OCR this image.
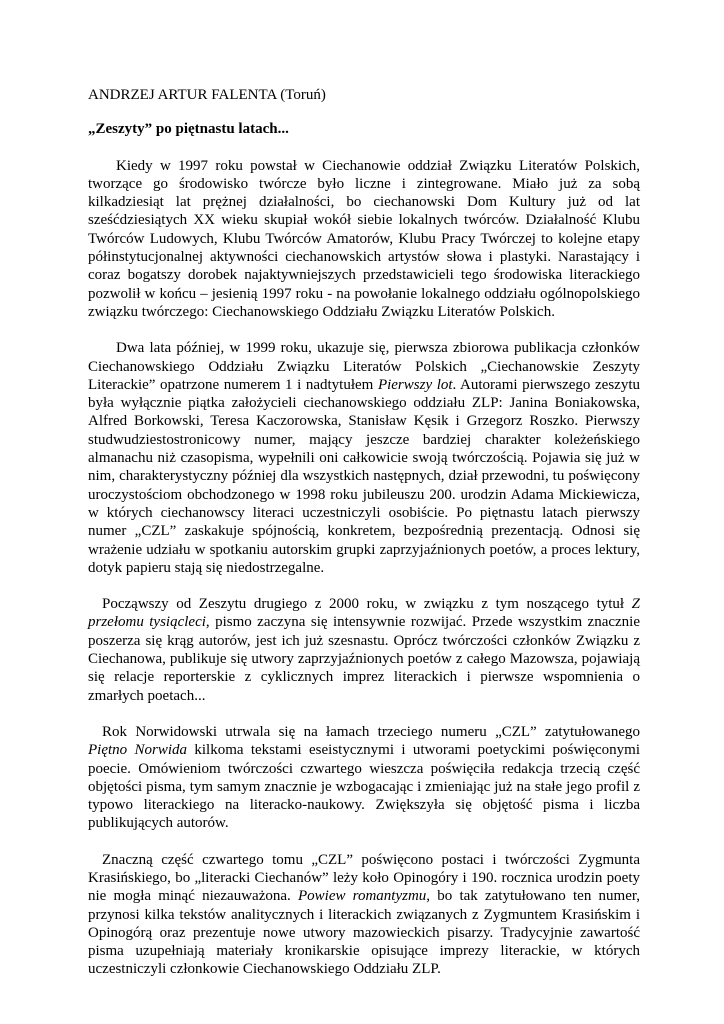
ANDRZEJ ARTUR FALENTA (Toruń)
„Zeszyty” po piętnastu latach...

Kiedy w 1997 roku powstał w Ciechanowie oddział Związku Literatów Polskich, tworzące go środowisko twórcze było liczne i zintegrowane. Miało już za sobą kilkadziesiąt lat prężnej działalności, bo ciechanowski Dom Kultury już od lat sześćdziesiątych XX wieku skupiał wokół siebie lokalnych twórców. Działalność Klubu Twórców Ludowych, Klubu Twórców Amatorów, Klubu Pracy Twórczej to kolejne etapy półinstytucjonalnej aktywności ciechanowskich artystów słowa i plastyki. Narastający i coraz bogatszy dorobek najaktywniejszych przedstawicieli tego środowiska literackiego pozwolił w końcu – jesienią 1997 roku - na powołanie lokalnego oddziału ogólnopolskiego związku twórczego: Ciechanowskiego Oddziału Związku Literatów Polskich.

Dwa lata później, w 1999 roku, ukazuje się, pierwsza zbiorowa publikacja członków Ciechanowskiego Oddziału Związku Literatów Polskich „Ciechanowskie Zeszyty Literackie” opatrzone numerem 1 i nadtytułem Pierwszy lot. Autorami pierwszego zeszytu była wyłącznie piątka założycieli ciechanowskiego oddziału ZLP: Janina Boniakowska, Alfred Borkowski, Teresa Kaczorowska, Stanisław Kęsik i Grzegorz Roszko. Pierwszy studwudziestostronicowy numer, mający jeszcze bardziej charakter koleżeńskiego almanachu niż czasopisma, wypełnili oni całkowicie swoją twórczością. Pojawia się już w nim, charakterystyczny później dla wszystkich następnych, dział przewodni, tu poświęcony uroczystościom obchodzonego w 1998 roku jubileuszu 200. urodzin Adama Mickiewicza, w których ciechanowscy literaci uczestniczyli osobiście. Po piętnastu latach pierwszy numer „CZL” zaskakuje spójnością, konkretem, bezpośrednią prezentacją. Odnosi się wrażenie udziału w spotkaniu autorskim grupki zaprzyjaźnionych poetów, a proces lektury, dotyk papieru stają się niedostrzegalne.

Począwszy od Zeszytu drugiego z 2000 roku, w związku z tym noszącego tytuł Z przełomu tysiącleci, pismo zaczyna się intensywnie rozwijać. Przede wszystkim znacznie poszerza się krąg autorów, jest ich już szesnastu. Oprócz twórczości członków Związku z Ciechanowa, publikuje się utwory zaprzyjaźnionych poetów z całego Mazowsza, pojawiają się relacje reporterskie z cyklicznych imprez literackich i pierwsze wspomnienia o zmarłych poetach...

Rok Norwidowski utrwala się na łamach trzeciego numeru „CZL” zatytułowanego Piętno Norwida kilkoma tekstami eseistycznymi i utworami poetyckimi poświęconymi poecie. Omówieniom twórczości czwartego wieszcza poświęciła redakcja trzecią część objętości pisma, tym samym znacznie je wzbogacając i zmieniając już na stałe jego profil z typowo literackiego na literacko-naukowy. Zwiększyła się objętość pisma i liczba publikujących autorów.

Znaczną część czwartego tomu „CZL” poświęcono postaci i twórczości Zygmunta Krasińskiego, bo „literacki Ciechanów” leży koło Opinogóry i 190. rocznica urodzin poety nie mogła minąć niezauważona. Powiew romantyzmu, bo tak zatytułowano ten numer, przynosi kilka tekstów analitycznych i literackich związanych z Zygmuntem Krasińskim i Opinogórą oraz prezentuje nowe utwory mazowieckich pisarzy. Tradycyjnie zawartość pisma uzupełniają materiały kronikarskie opisujące imprezy literackie, w których uczestniczyli członkowie Ciechanowskiego Oddziału ZLP.
